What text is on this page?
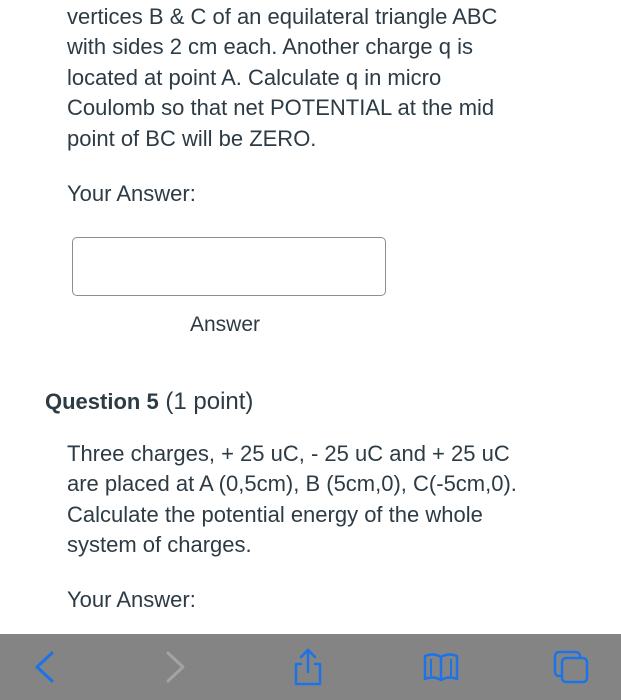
vertices B & C of an equilateral triangle ABC
with sides 2 cm each. Another charge q is
located at point A. Calculate q in micro
Coulomb so that net POTENTIAL at the mid
point of BC will be ZERO.

Your Answer:

Answer

Question 5 (1 point)

Three charges, + 25 uC, - 25 uC and + 25 uC
are placed at A (0,5cm), B (5cm,0), C(-5cm,0).
Calculate the potential energy of the whole
system of charges.

Your Answer:
